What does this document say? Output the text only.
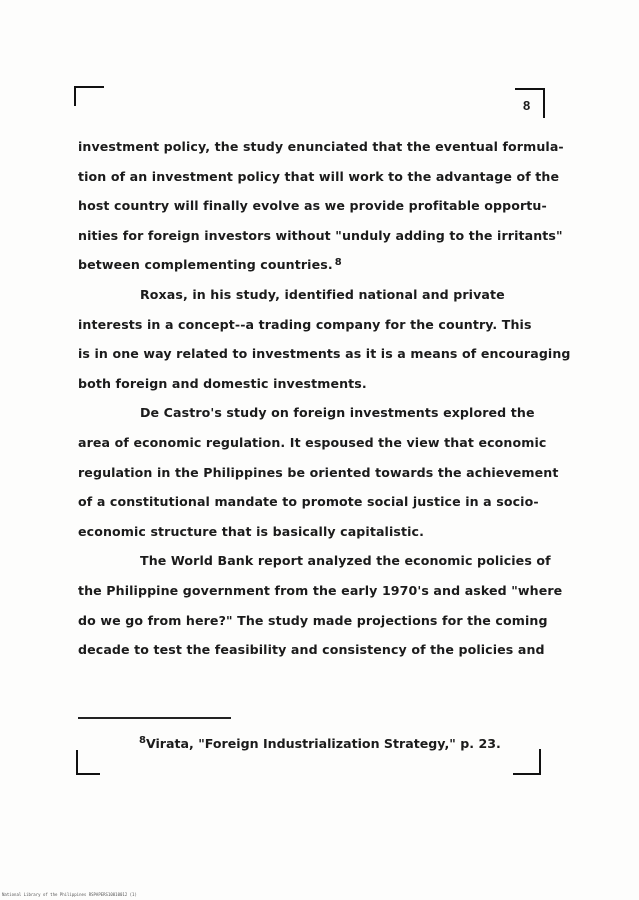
8
investment policy, the study enunciated that the eventual formula-
tion of an investment policy that will work to the advantage of the
host country will finally evolve as we provide profitable opportu-
nities for foreign investors without "unduly adding to the irritants"
between complementing countries. $^8$
Roxas, in his study, identified national and private
interests in a concept--a trading company for the country. This
is in one way related to investments as it is a means of encouraging
both foreign and domestic investments.
De Castro's study on foreign investments explored the
area of economic regulation. It espoused the view that economic
regulation in the Philippines be oriented towards the achievement
of a constitutional mandate to promote social justice in a socio-
economic structure that is basically capitalistic.
The World Bank report analyzed the economic policies of
the Philippine government from the early 1970's and asked "where
do we go from here?" The study made projections for the coming
decade to test the feasibility and consistency of the policies and
$^8$Virata, "Foreign Industrialization Strategy," p. 23.
National Library of the Philippines RSPAPERS10010012 (1)
